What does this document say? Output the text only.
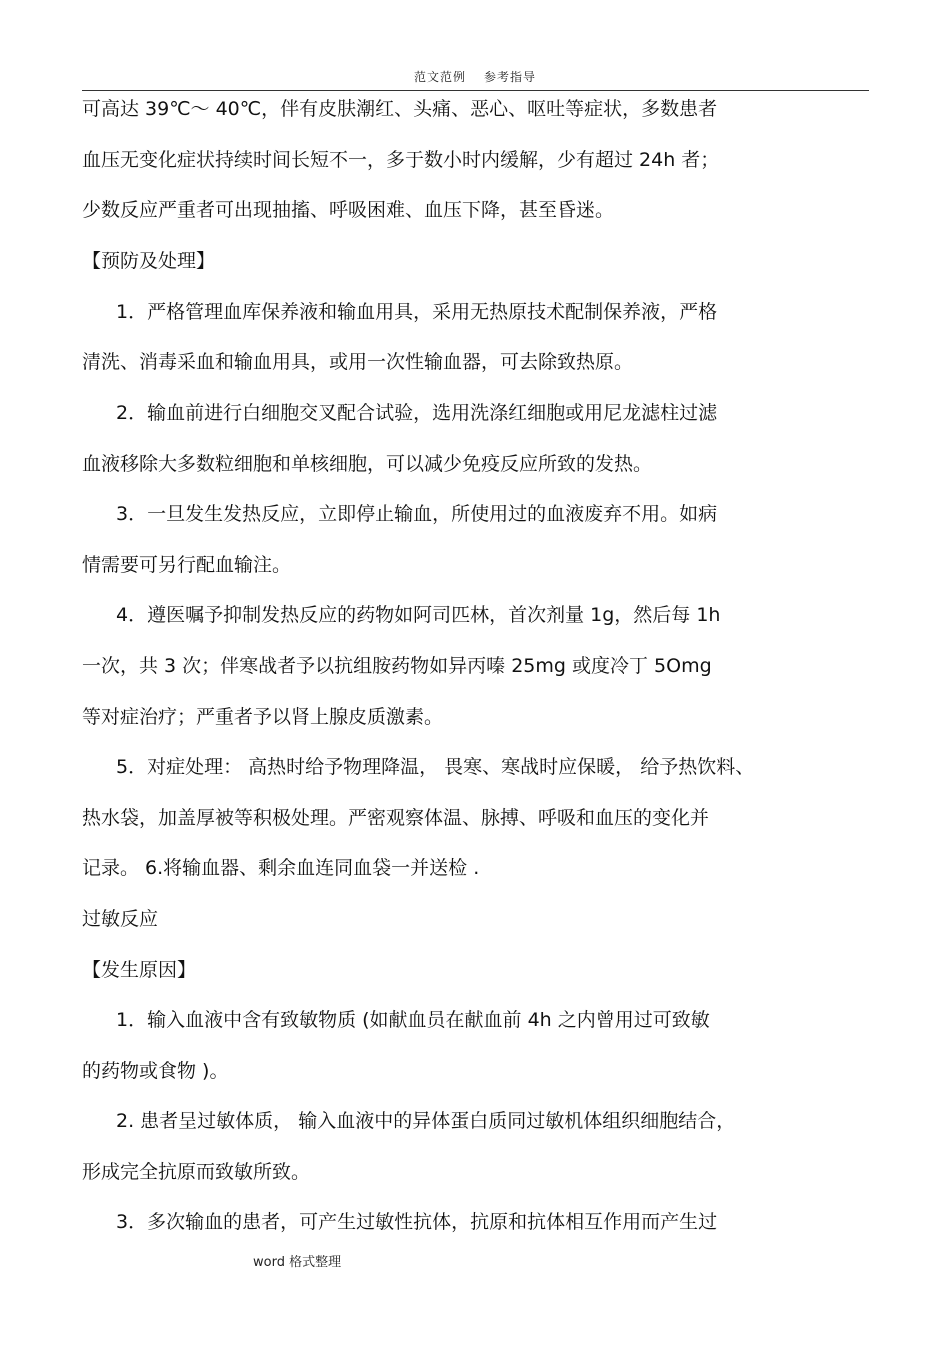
范文范例 参考指导
可高达 39℃～ 40℃，伴有皮肤潮红、头痛、恶心、呕吐等症状，多数患者
血压无变化症状持续时间长短不一，多于数小时内缓解，少有超过 24h 者；
少数反应严重者可出现抽搐、呼吸困难、血压下降，甚至昏迷。
【预防及处理】
1．严格管理血库保养液和输血用具，采用无热原技术配制保养液，严格
清洗、消毒采血和输血用具，或用一次性输血器，可去除致热原。
2．输血前进行白细胞交叉配合试验，选用洗涤红细胞或用尼龙滤柱过滤
血液移除大多数粒细胞和单核细胞，可以减少免疫反应所致的发热。
3．一旦发生发热反应，立即停止输血，所使用过的血液废弃不用。如病
情需要可另行配血输注。
4．遵医嘱予抑制发热反应的药物如阿司匹林，首次剂量 1g，然后每 1h
一次，共 3 次；伴寒战者予以抗组胺药物如异丙嗪 25mg 或度冷丁 5Omg
等对症治疗；严重者予以肾上腺皮质激素。
5．对症处理： 高热时给予物理降温， 畏寒、寒战时应保暖， 给予热饮料、
热水袋，加盖厚被等积极处理。严密观察体温、脉搏、呼吸和血压的变化并
记录。 6.将输血器、剩余血连同血袋一并送检 .
过敏反应
【发生原因】
1．输入血液中含有致敏物质 (如献血员在献血前 4h 之内曾用过可致敏
的药物或食物 )。
2. 患者呈过敏体质， 输入血液中的异体蛋白质同过敏机体组织细胞结合，
形成完全抗原而致敏所致。
3．多次输血的患者，可产生过敏性抗体，抗原和抗体相互作用而产生过
word 格式整理
